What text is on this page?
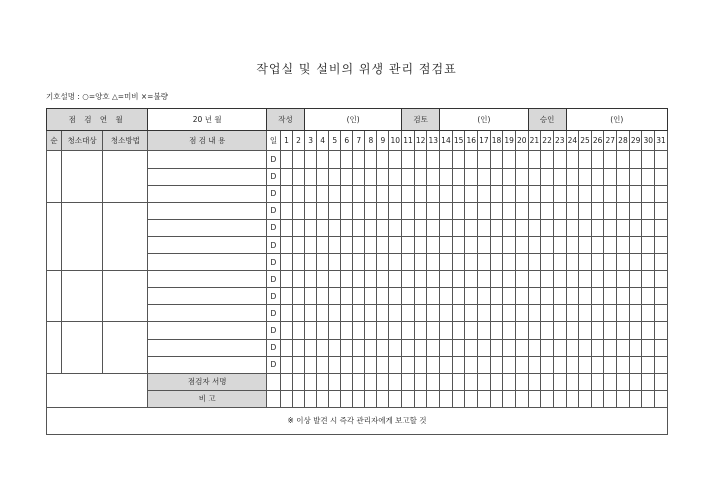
작업실 및 설비의 위생 관리 점검표
기호설명 : ○=양호 △=미비 ×=불량
점 검 연 월			20 년 월	작성			(인)								검토			(인)							승인			(인)							
순	청소대상	청소방법	점 검 내 용	일	1	2	3	4	5	6	7	8	9	10	11	12	13	14	15	16	17	18	19	20	21	22	23	24	25	26	27	28	29	30	31
				D																															
				D																															
				D																															
				D																															
				D																															
				D																															
				D																															
				D																															
				D																															
				D																															
				D																															
				D																															
				D																															
			점검자 서명																																
			비 고																																
※ 이상 발견 시 즉각 관리자에게 보고할 것																																			
